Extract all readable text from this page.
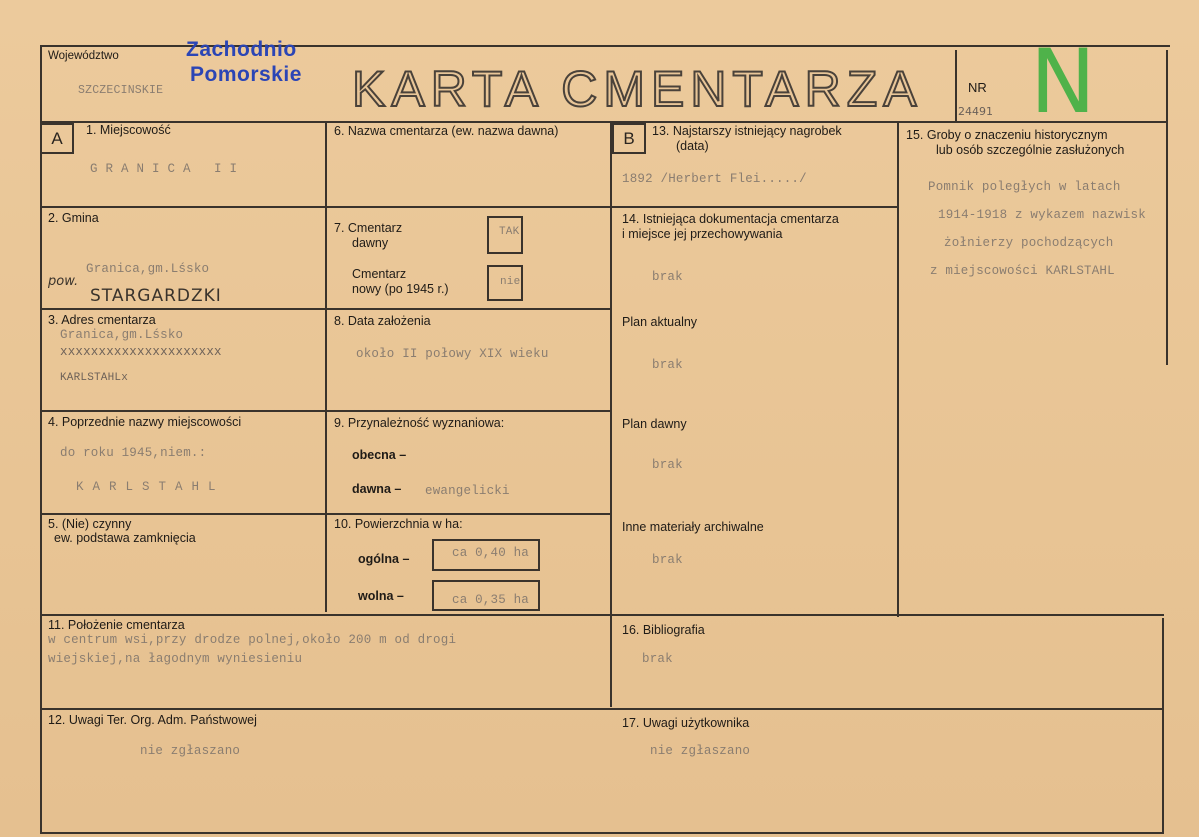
Województwo
SZCZECINSKIE
Zachodnio
Pomorskie KARTA CMENTARZA	NR
24491 N
A	B
1. Miejscowość
GRANICA II
2. Gmina
Granica,gm.Lśsko
pow.
STARGARDZKI
3. Adres cmentarza
Granica,gm.Lśsko
xxxxxxxxxxxxxxxxxxxxx
KARLSTAHLx
4. Poprzednie nazwy miejscowości
do roku 1945,niem.:
KARLSTAHL
5. (Nie) czynny
ew. podstawa zamknięcia
6. Nazwa cmentarza (ew. nazwa dawna)
7. Cmentarz
dawny
TAK
Cmentarz
nowy (po 1945 r.)	nie
8. Data założenia
około II połowy XIX wieku
9. Przynależność wyznaniowa:
obecna –
dawna – ewangelicki
10. Powierzchnia w ha:
ogólna –	ca 0,40 ha
wolna –	ca 0,35 ha
11. Położenie cmentarza
w centrum wsi,przy drodze polnej,około 200 m od drogi
wiejskiej,na łagodnym wyniesieniu
12. Uwagi Ter. Org. Adm. Państwowej
nie zgłaszano
13. Najstarszy istniejący nagrobek
(data)
1892 /Herbert Flei...../
14. Istniejąca dokumentacja cmentarza
i miejsce jej przechowywania
brak
Plan aktualny
brak
Plan dawny
brak
Inne materiały archiwalne
brak
15. Groby o znaczeniu historycznym
lub osób szczególnie zasłużonych
Pomnik poległych w latach
1914-1918 z wykazem nazwisk
żołnierzy pochodzących
z miejscowości KARLSTAHL
16. Bibliografia
brak
17. Uwagi użytkownika
nie zgłaszano
